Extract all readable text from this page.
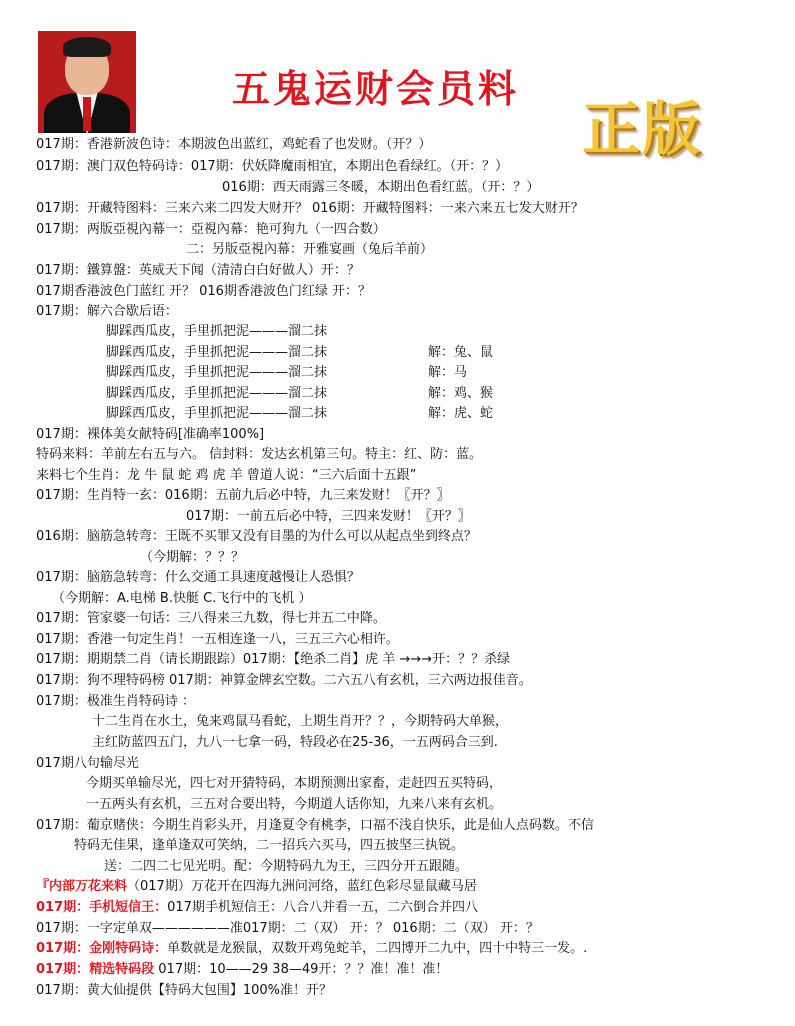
五鬼运财会员料
正版
017期：香港新波色诗：本期波色出蓝红，鸡蛇看了也发财。（开？）
017期：澳门双色特码诗：017期：伏妖降魔雨相宜，本期出色看绿红。（开：？）
016期：西天雨露三冬暖，本期出色看红蓝。（开：？）
017期：开藏特图料：三来六来二四发大财开？ 016期：开藏特图料：一来六来五七发大财开？
017期：两版亞視內幕一：亞視內幕：艳可狗九（一四合数）
二：另版亞視內幕：开雅宴画（兔后羊前）
017期：鐵算盤：英威天下闻（清清白白好做人）开：？
017期香港波色门蓝红 开？ 016期香港波色门红绿 开：？
017期：解六合歇后语：
脚踩西瓜皮，手里抓把泥———溜二抹
脚踩西瓜皮，手里抓把泥———溜二抹	解：兔、鼠
脚踩西瓜皮，手里抓把泥———溜二抹	解：马
脚踩西瓜皮，手里抓把泥———溜二抹	解：鸡、猴
脚踩西瓜皮，手里抓把泥———溜二抹	解：虎、蛇
017期：裸体美女献特码[准确率100%]
特码来料：羊前左右五与六。 信封料：发达玄机第三句。特主：红、防：蓝。
来料七个生肖：龙 牛 鼠 蛇 鸡 虎 羊 曾道人说：“三六后面十五跟”
017期：生肖特一玄：016期：五前九后必中特，九三来发财！〖开？〗
017期：一前五后必中特，三四来发财！〖开？〗
016期：脑筋急转弯：王既不买罪又没有目墨的为什么可以从起点坐到终点？
（今期解：？？？
017期：脑筋急转弯：什么交通工具速度越慢让人恐惧？
（今期解：A.电梯 B.快艇 C.飞行中的飞机 ）
017期：管家婆一句话：三八得来三九数，得七并五二中降。
017期：香港一句定生肖！一五相连逢一八，三五三六心相许。
017期：期期禁二肖（请长期跟踪）017期：【绝杀二肖】虎 羊 →→→开：？？杀绿
017期：狗不理特码榜 017期：神算金牌玄空数。二六五八有玄机，三六两边报佳音。
017期：极准生肖特码诗 ：
十二生肖在水土，兔来鸡鼠马看蛇，上期生肖开？？，今期特码大单猴，
主红防蓝四五门，九八一七拿一码，特段必在25-36，一五两码合三到.
017期八句输尽光
今期买单输尽光，四七对开猜特码，本期预测出家畜，走赶四五买特码，
一五两头有玄机，三五对合要出特，今期道人话你知，九来八来有玄机。
017期：葡京赌侠：今期生肖彩头开，月逢夏令有桃李，口福不浅自快乐，此是仙人点码数。不信
特码无佳果，逢单逢双可笑纳，二一招兵六买马，四五披坚三执锐。
送：二四二七见光明。配：今期特码九为王，三四分开五跟随。
『内部万花来料（017期）万花开在四海九洲问河络，蓝红色彩尽显鼠藏马居
017期：手机短信王：017期手机短信王：八合八并看一五，二六倒合并四八
017期：一字定单双——————准017期：二（双） 开：？ 016期：二（双） 开：？
017期：金刚特码诗：单数就是龙猴鼠，双数开鸡兔蛇羊，二四博开二九中，四十中特三一发。.
017期：精选特码段 017期：10——29 38—49开：？？准！准！准！
017期：黄大仙提供【特码大包围】100%准！开？
